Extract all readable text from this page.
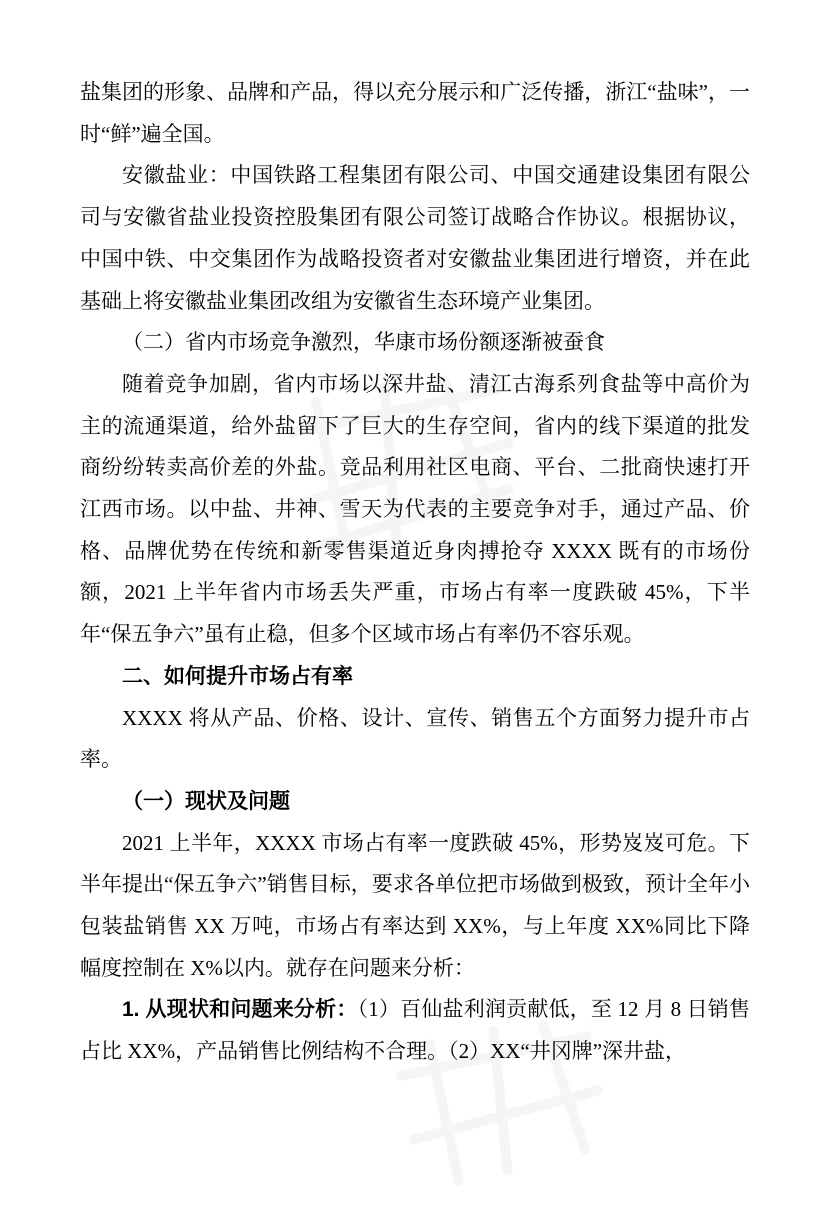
盐集团的形象、品牌和产品，得以充分展示和广泛传播，浙江“盐味”，一时“鲜”遍全国。

安徽盐业：中国铁路工程集团有限公司、中国交通建设集团有限公司与安徽省盐业投资控股集团有限公司签订战略合作协议。根据协议，中国中铁、中交集团作为战略投资者对安徽盐业集团进行增资，并在此基础上将安徽盐业集团改组为安徽省生态环境产业集团。

（二）省内市场竞争激烈，华康市场份额逐渐被蚕食

随着竞争加剧，省内市场以深井盐、清江古海系列食盐等中高价为主的流通渠道，给外盐留下了巨大的生存空间，省内的线下渠道的批发商纷纷转卖高价差的外盐。竞品利用社区电商、平台、二批商快速打开江西市场。以中盐、井神、雪天为代表的主要竞争对手，通过产品、价格、品牌优势在传统和新零售渠道近身肉搏抢夺 XXXX 既有的市场份额，2021 上半年省内市场丢失严重，市场占有率一度跌破 45%，下半年“保五争六”虽有止稳，但多个区域市场占有率仍不容乐观。

二、如何提升市场占有率

XXXX 将从产品、价格、设计、宣传、销售五个方面努力提升市占率。

（一）现状及问题

2021 上半年，XXXX 市场占有率一度跌破 45%，形势岌岌可危。下半年提出“保五争六”销售目标，要求各单位把市场做到极致，预计全年小包装盐销售 XX 万吨，市场占有率达到 XX%，与上年度 XX%同比下降幅度控制在 X%以内。就存在问题来分析：

1. 从现状和问题来分析：（1）百仙盐利润贡献低，至 12 月 8 日销售占比 XX%，产品销售比例结构不合理。（2）XX“井冈牌”深井盐，
